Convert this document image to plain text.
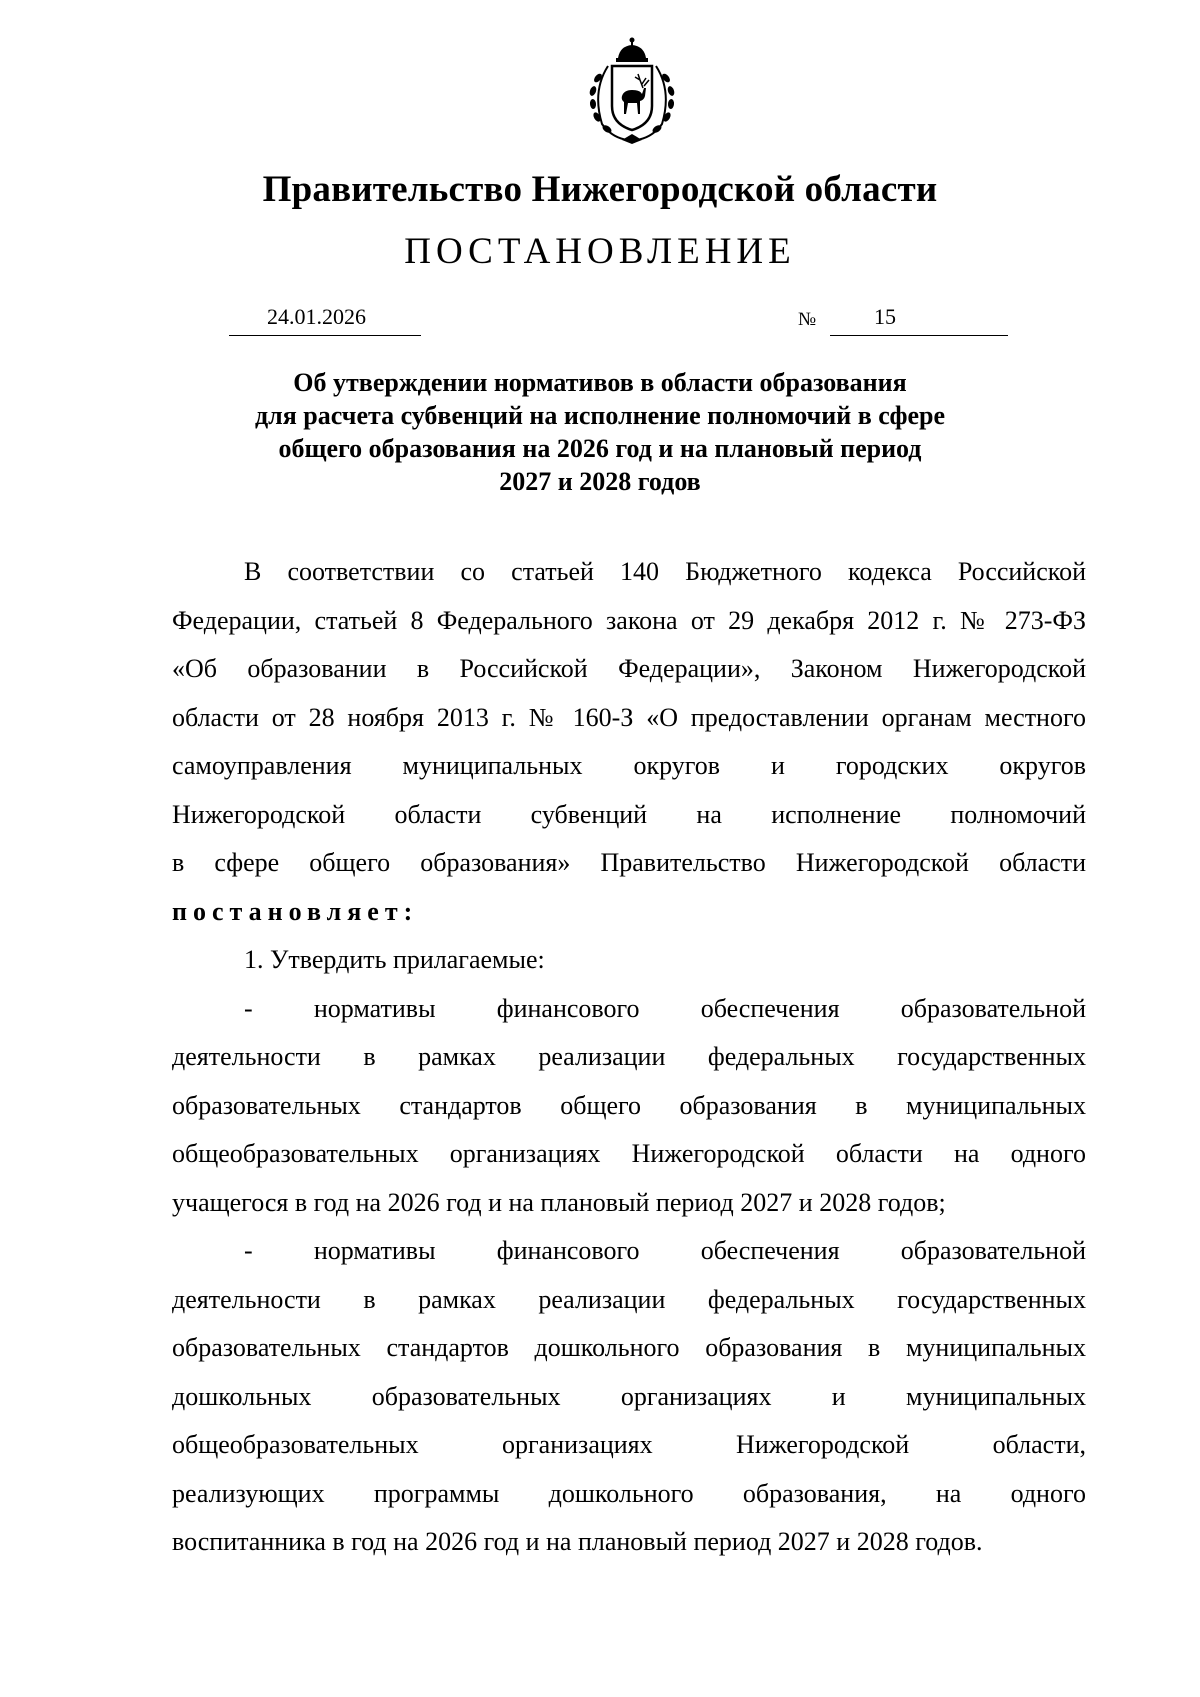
Правительство Нижегородской области
ПОСТАНОВЛЕНИЕ
24.01.2026	№	15
Об утверждении нормативов в области образования
для расчета субвенций на исполнение полномочий в сфере
общего образования на 2026 год и на плановый период
2027 и 2028 годов
В соответствии со статьей 140 Бюджетного кодекса Российской
Федерации, статьей 8 Федерального закона от 29 декабря 2012 г. № 273-ФЗ
«Об образовании в Российской Федерации», Законом Нижегородской
области от 28 ноября 2013 г. № 160-З «О предоставлении органам местного
самоуправления муниципальных округов и городских округов
Нижегородской области субвенций на исполнение полномочий
в сфере общего образования» Правительство Нижегородской области
постановляет:
1. Утвердить прилагаемые:
- нормативы финансового обеспечения образовательной
деятельности в рамках реализации федеральных государственных
образовательных стандартов общего образования в муниципальных
общеобразовательных организациях Нижегородской области на одного
учащегося в год на 2026 год и на плановый период 2027 и 2028 годов;
- нормативы финансового обеспечения образовательной
деятельности в рамках реализации федеральных государственных
образовательных стандартов дошкольного образования в муниципальных
дошкольных образовательных организациях и муниципальных
общеобразовательных организациях Нижегородской области,
реализующих программы дошкольного образования, на одного
воспитанника в год на 2026 год и на плановый период 2027 и 2028 годов.
